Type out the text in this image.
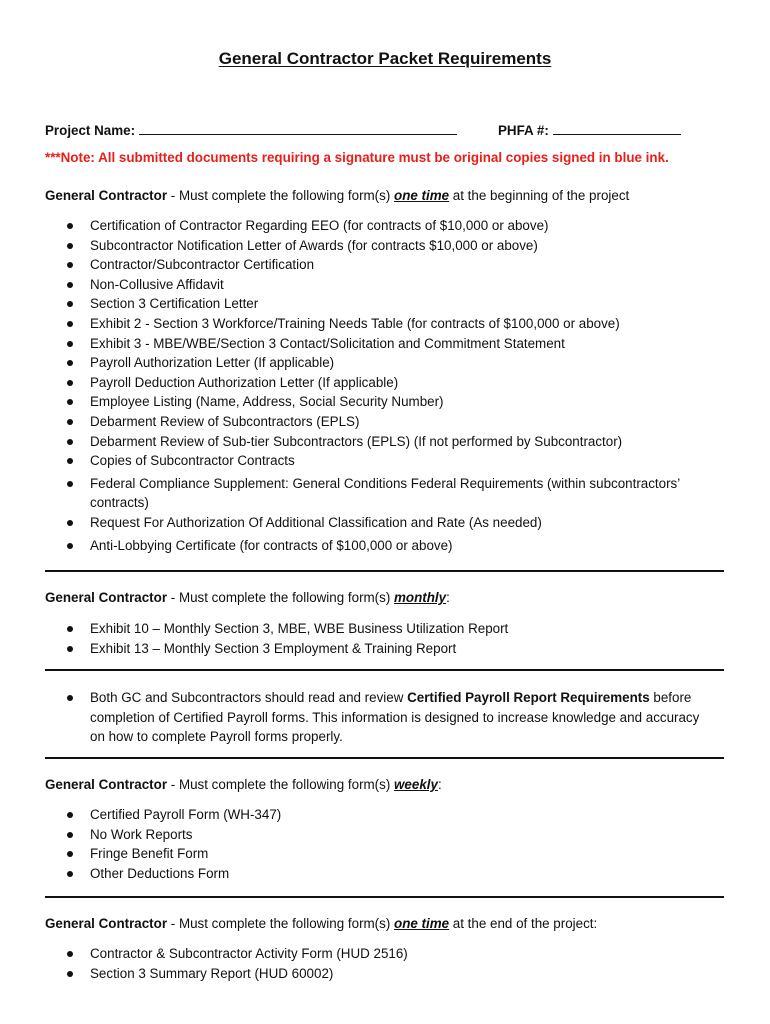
General Contractor Packet Requirements
Project Name:	PHFA #:
***Note: All submitted documents requiring a signature must be original copies signed in blue ink.
General Contractor - Must complete the following form(s) one time at the beginning of the project
Certification of Contractor Regarding EEO (for contracts of $10,000 or above)
Subcontractor Notification Letter of Awards (for contracts $10,000 or above)
Contractor/Subcontractor Certification
Non-Collusive Affidavit
Section 3 Certification Letter
Exhibit 2 - Section 3 Workforce/Training Needs Table (for contracts of $100,000 or above)
Exhibit 3 - MBE/WBE/Section 3 Contact/Solicitation and Commitment Statement
Payroll Authorization Letter (If applicable)
Payroll Deduction Authorization Letter (If applicable)
Employee Listing (Name, Address, Social Security Number)
Debarment Review of Subcontractors (EPLS)
Debarment Review of Sub-tier Subcontractors (EPLS) (If not performed by Subcontractor)
Copies of Subcontractor Contracts
Federal Compliance Supplement: General Conditions Federal Requirements (within subcontractors’ contracts)
Request For Authorization Of Additional Classification and Rate (As needed)
Anti-Lobbying Certificate (for contracts of $100,000 or above)
General Contractor - Must complete the following form(s) monthly:
Exhibit 10 – Monthly Section 3, MBE, WBE Business Utilization Report
Exhibit 13 – Monthly Section 3 Employment & Training Report
Both GC and Subcontractors should read and review Certified Payroll Report Requirements before completion of Certified Payroll forms. This information is designed to increase knowledge and accuracy on how to complete Payroll forms properly.
General Contractor - Must complete the following form(s) weekly:
Certified Payroll Form (WH-347)
No Work Reports
Fringe Benefit Form
Other Deductions Form
General Contractor - Must complete the following form(s) one time at the end of the project:
Contractor & Subcontractor Activity Form (HUD 2516)
Section 3 Summary Report (HUD 60002)
